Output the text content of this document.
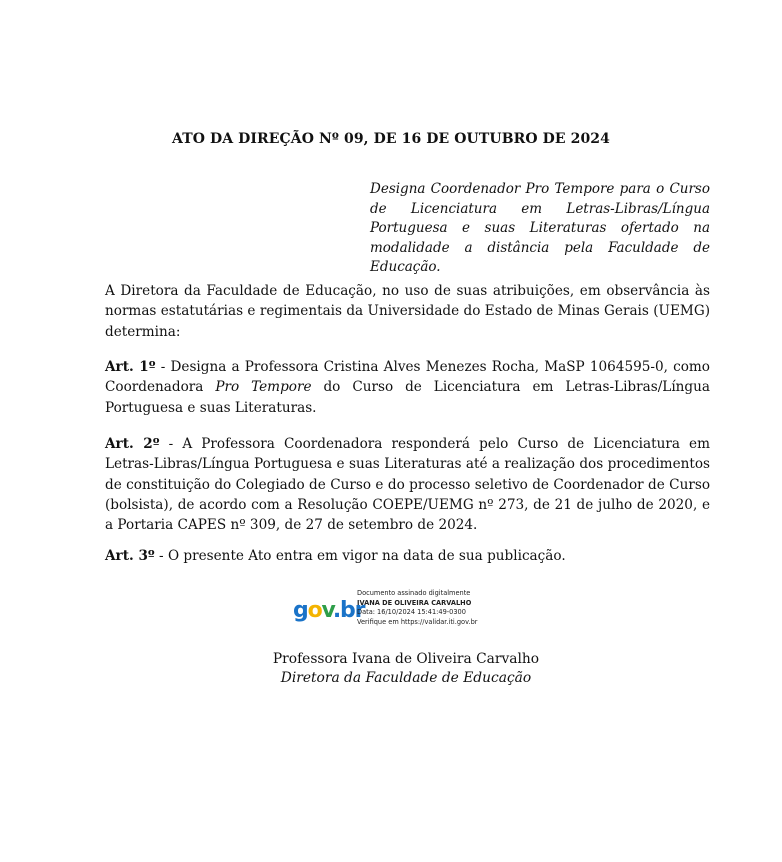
ATO DA DIREÇÃO Nº 09, DE 16 DE OUTUBRO DE 2024
Designa Coordenador Pro Tempore para o Curso de Licenciatura em Letras-Libras/Língua Portuguesa e suas Literaturas ofertado na modalidade a distância pela Faculdade de Educação.
A Diretora da Faculdade de Educação, no uso de suas atribuições, em observância às normas estatutárias e regimentais da Universidade do Estado de Minas Gerais (UEMG) determina:
Art. 1º - Designa a Professora Cristina Alves Menezes Rocha, MaSP 1064595-0, como Coordenadora Pro Tempore do Curso de Licenciatura em Letras-Libras/Língua Portuguesa e suas Literaturas.
Art. 2º - A Professora Coordenadora responderá pelo Curso de Licenciatura em Letras-Libras/Língua Portuguesa e suas Literaturas até a realização dos procedimentos de constituição do Colegiado de Curso e do processo seletivo de Coordenador de Curso (bolsista), de acordo com a Resolução COEPE/UEMG nº 273, de 21 de julho de 2020, e a Portaria CAPES nº 309, de 27 de setembro de 2024.
Art. 3º - O presente Ato entra em vigor na data de sua publicação.
gov.br
Documento assinado digitalmente
IVANA DE OLIVEIRA CARVALHO
Data: 16/10/2024 15:41:49-0300
Verifique em https://validar.iti.gov.br
Professora Ivana de Oliveira Carvalho
Diretora da Faculdade de Educação
